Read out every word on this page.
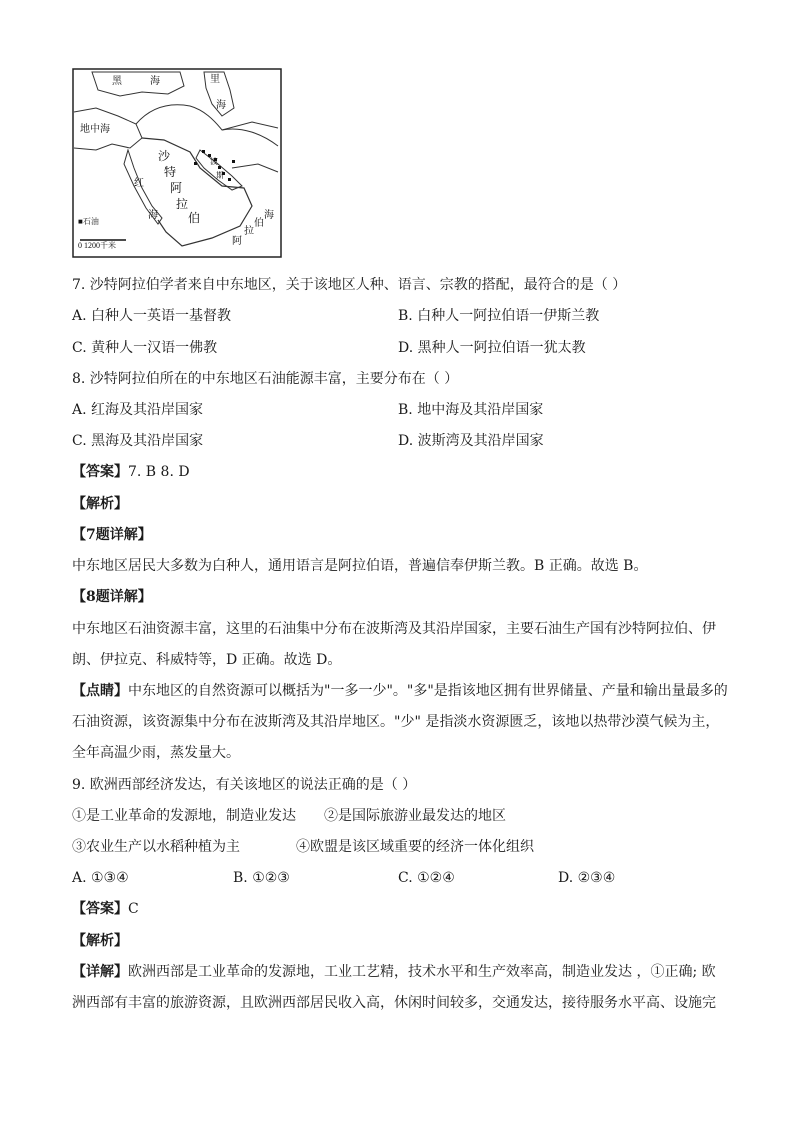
黑	海	里
海
地中海
沙
特
阿
拉
伯
红
海	海
伯
拉
阿
波
斯
■石油
0 1200千米
7. 沙特阿拉伯学者来自中东地区，关于该地区人种、语言、宗教的搭配，最符合的是（ ）
A. 白种人一英语一基督教	B. 白种人一阿拉伯语一伊斯兰教
C. 黄种人一汉语一佛教	D. 黑种人一阿拉伯语一犹太教
8. 沙特阿拉伯所在的中东地区石油能源丰富，主要分布在（ ）
A. 红海及其沿岸国家	B. 地中海及其沿岸国家
C. 黑海及其沿岸国家	D. 波斯湾及其沿岸国家
【答案】7. B 8. D
【解析】
【7题详解】
中东地区居民大多数为白种人，通用语言是阿拉伯语，普遍信奉伊斯兰教。B 正确。故选 B。
【8题详解】
中东地区石油资源丰富，这里的石油集中分布在波斯湾及其沿岸国家，主要石油生产国有沙特阿拉伯、伊
朗、伊拉克、科威特等，D 正确。故选 D。
【点睛】中东地区的自然资源可以概括为"一多一少"。"多"是指该地区拥有世界储量、产量和输出量最多的
石油资源，该资源集中分布在波斯湾及其沿岸地区。"少" 是指淡水资源匮乏，该地以热带沙漠气候为主，
全年高温少雨，蒸发量大。
9. 欧洲西部经济发达，有关该地区的说法正确的是（ ）
①是工业革命的发源地，制造业发达 ②是国际旅游业最发达的地区
③农业生产以水稻种植为主	④欧盟是该区域重要的经济一体化组织
A. ①③④	B. ①②③	C. ①②④	D. ②③④
【答案】C
【解析】
【详解】欧洲西部是工业革命的发源地，工业工艺精，技术水平和生产效率高，制造业发达 ，①正确; 欧
洲西部有丰富的旅游资源，且欧洲西部居民收入高，休闲时间较多，交通发达，接待服务水平高、设施完
